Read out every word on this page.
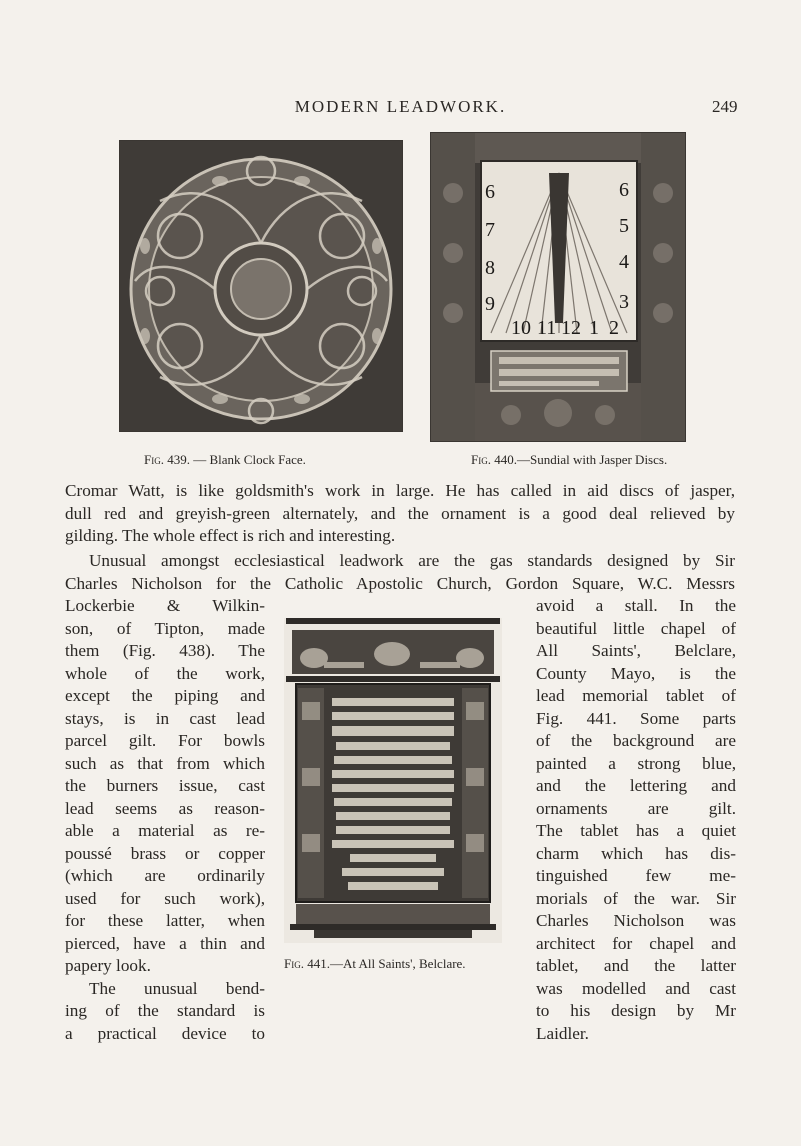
MODERN LEADWORK.	249
Fig. 439. — Blank Clock Face.
6
7
8
9
10 11 12 1 2
3
4
5
6
Fig. 440.—Sundial with Jasper Discs.
Cromar Watt, is like goldsmith's work in large. He has called in aid discs of jasper,
dull red and greyish-green alternately, and the ornament is a good deal relieved by
gilding. The whole effect is rich and interesting.
Unusual amongst ecclesiastical leadwork are the gas standards designed by Sir
Charles Nicholson for the Catholic Apostolic Church, Gordon Square, W.C. Messrs
Lockerbie & Wilkin-
son, of Tipton, made
them (Fig. 438). The
whole of the work,
except the piping and
stays, is in cast lead
parcel gilt. For bowls
such as that from which
the burners issue, cast
lead seems as reason-
able a material as re-
poussé brass or copper
(which are ordinarily
used for such work),
for these latter, when
pierced, have a thin and
papery look.
The unusual bend-
ing of the standard is
a practical device to
Fig. 441.—At All Saints', Belclare.
avoid a stall. In the
beautiful little chapel of
All Saints', Belclare,
County Mayo, is the
lead memorial tablet of
Fig. 441. Some parts
of the background are
painted a strong blue,
and the lettering and
ornaments are gilt.
The tablet has a quiet
charm which has dis-
tinguished few me-
morials of the war. Sir
Charles Nicholson was
architect for chapel and
tablet, and the latter
was modelled and cast
to his design by Mr
Laidler.
